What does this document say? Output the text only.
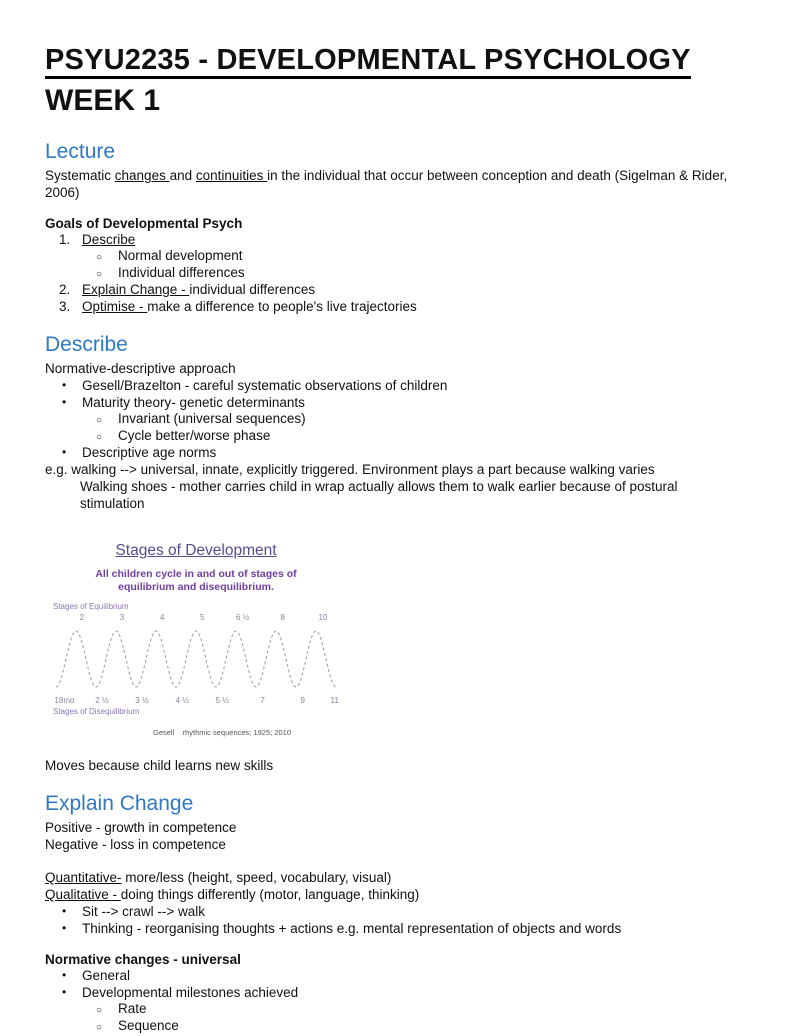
PSYU2235 - DEVELOPMENTAL PSYCHOLOGY
WEEK 1
Lecture
Systematic changes and continuities in the individual that occur between conception and death (Sigelman & Rider, 2006)
Goals of Developmental Psych
1. Describe
○ Normal development
○ Individual differences
2. Explain Change - individual differences
3. Optimise - make a difference to people's live trajectories
Describe
Normative-descriptive approach
• Gesell/Brazelton - careful systematic observations of children
• Maturity theory- genetic determinants
○ Invariant (universal sequences)
○ Cycle better/worse phase
• Descriptive age norms
e.g. walking --> universal, innate, explicitly triggered. Environment plays a part because walking varies
Walking shoes - mother carries child in wrap actually allows them to walk earlier because of postural
stimulation
Stages of Development
All children cycle in and out of stages of
equilibrium and disequilibrium.
Stages of Equilibrium
2	3	4	5	6 ½	8	10
18mo	2 ½	3 ½	4 ½	5 ½	7	9	11
Stages of Disequilibrium
Gesell    rhythmic sequences; 1925; 2010
Moves because child learns new skills
Explain Change
Positive - growth in competence
Negative - loss in competence
Quantitative- more/less (height, speed, vocabulary, visual)
Qualitative - doing things differently (motor, language, thinking)
• Sit --> crawl --> walk
• Thinking - reorganising thoughts + actions e.g. mental representation of objects and words
Normative changes - universal
• General
• Developmental milestones achieved
○ Rate
○ Sequence
